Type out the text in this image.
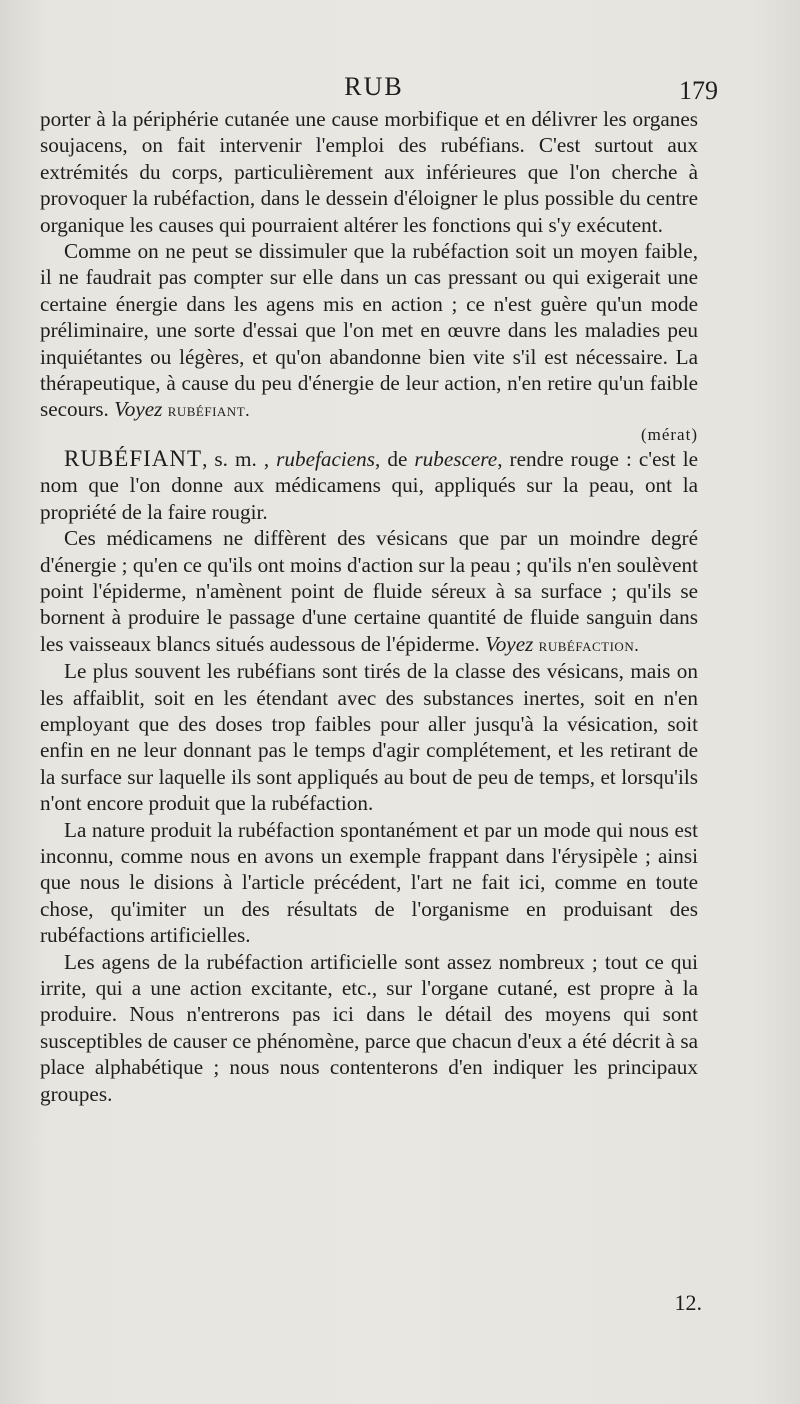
RUB	179

porter à la périphérie cutanée une cause morbifique et en délivrer les organes soujacens, on fait intervenir l'emploi des rubéfians. C'est surtout aux extrémités du corps, particulièrement aux inférieures que l'on cherche à provoquer la rubéfaction, dans le dessein d'éloigner le plus possible du centre organique les causes qui pourraient altérer les fonctions qui s'y exécutent.

Comme on ne peut se dissimuler que la rubéfaction soit un moyen faible, il ne faudrait pas compter sur elle dans un cas pressant ou qui exigerait une certaine énergie dans les agens mis en action ; ce n'est guère qu'un mode préliminaire, une sorte d'essai que l'on met en œuvre dans les maladies peu inquiétantes ou légères, et qu'on abandonne bien vite s'il est nécessaire. La thérapeutique, à cause du peu d'énergie de leur action, n'en retire qu'un faible secours. Voyez rubéfiant.

(mérat)

RUBÉFIANT, s. m. , rubefaciens, de rubescere, rendre rouge : c'est le nom que l'on donne aux médicamens qui, appliqués sur la peau, ont la propriété de la faire rougir.

Ces médicamens ne diffèrent des vésicans que par un moindre degré d'énergie ; qu'en ce qu'ils ont moins d'action sur la peau ; qu'ils n'en soulèvent point l'épiderme, n'amènent point de fluide séreux à sa surface ; qu'ils se bornent à produire le passage d'une certaine quantité de fluide sanguin dans les vaisseaux blancs situés audessous de l'épiderme. Voyez rubéfaction.

Le plus souvent les rubéfians sont tirés de la classe des vésicans, mais on les affaiblit, soit en les étendant avec des substances inertes, soit en n'en employant que des doses trop faibles pour aller jusqu'à la vésication, soit enfin en ne leur donnant pas le temps d'agir complétement, et les retirant de la surface sur laquelle ils sont appliqués au bout de peu de temps, et lorsqu'ils n'ont encore produit que la rubéfaction.

La nature produit la rubéfaction spontanément et par un mode qui nous est inconnu, comme nous en avons un exemple frappant dans l'érysipèle ; ainsi que nous le disions à l'article précédent, l'art ne fait ici, comme en toute chose, qu'imiter un des résultats de l'organisme en produisant des rubéfactions artificielles.

Les agens de la rubéfaction artificielle sont assez nombreux ; tout ce qui irrite, qui a une action excitante, etc., sur l'organe cutané, est propre à la produire. Nous n'entrerons pas ici dans le détail des moyens qui sont susceptibles de causer ce phénomène, parce que chacun d'eux a été décrit à sa place alphabétique ; nous nous contenterons d'en indiquer les principaux groupes.

12.
